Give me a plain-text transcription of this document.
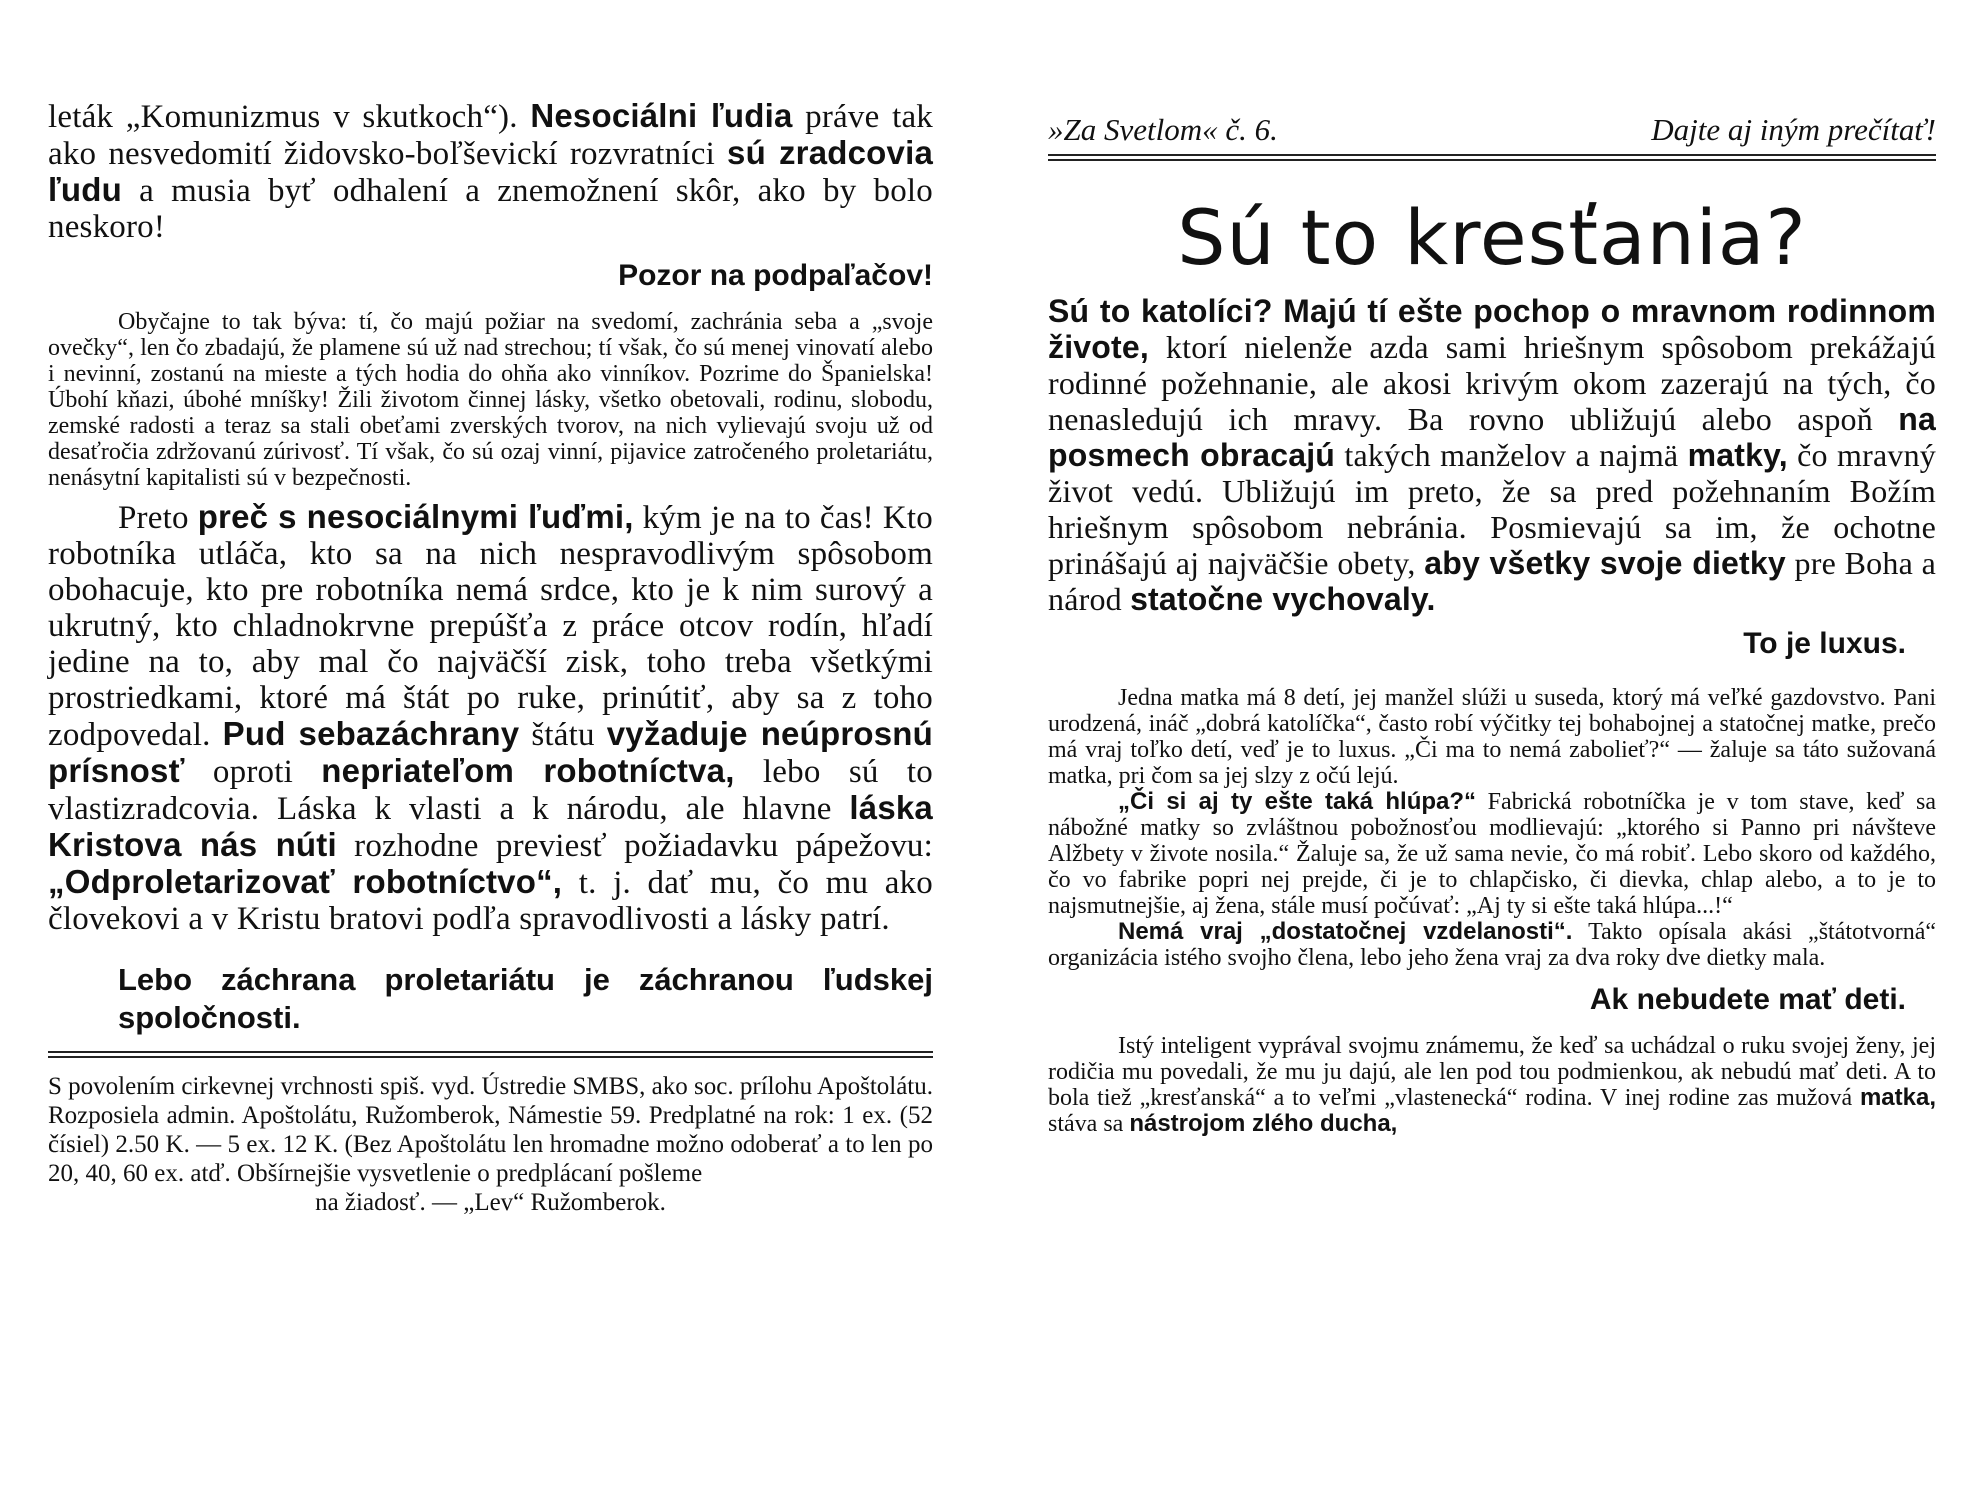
leták „Komunizmus v skutkoch“). Nesociálni ľudia práve tak ako nesvedomití židovsko-boľševickí rozvratníci sú zradcovia ľudu a musia byť odhalení a znemožnení skôr, ako by bolo neskoro!

Pozor na podpaľačov!

Obyčajne to tak býva: tí, čo majú požiar na svedomí, zachránia seba a „svoje ovečky“, len čo zbadajú, že plamene sú už nad strechou; tí však, čo sú menej vinovatí alebo i nevinní, zostanú na mieste a tých hodia do ohňa ako vinníkov. Pozrime do Španielska! Úbohí kňazi, úbohé mníšky! Žili životom činnej lásky, všetko obetovali, rodinu, slobodu, zemské radosti a teraz sa stali obeťami zverských tvorov, na nich vylievajú svoju už od desaťročia zdržovanú zúrivosť. Tí však, čo sú ozaj vinní, pijavice zatročeného proletariátu, nenásytní kapitalisti sú v bezpečnosti.

Preto preč s nesociálnymi ľuďmi, kým je na to čas! Kto robotníka utláča, kto sa na nich nespravodlivým spôsobom obohacuje, kto pre robotníka nemá srdce, kto je k nim surový a ukrutný, kto chladnokrvne prepúšťa z práce otcov rodín, hľadí jedine na to, aby mal čo najväčší zisk, toho treba všetkými prostriedkami, ktoré má štát po ruke, prinútiť, aby sa z toho zodpovedal. Pud sebazáchrany štátu vyžaduje neúprosnú prísnosť oproti nepriateľom robotníctva, lebo sú to vlastizradcovia. Láska k vlasti a k národu, ale hlavne láska Kristova nás núti rozhodne previesť požiadavku pápežovu: „Odproletarizovať robotníctvo“, t. j. dať mu, čo mu ako človekovi a v Kristu bratovi podľa spravodlivosti a lásky patrí.

Lebo záchrana proletariátu je záchranou ľudskej spoločnosti.

S povolením cirkevnej vrchnosti spiš. vyd. Ústredie SMBS, ako soc. prílohu Apoštolátu. Rozposiela admin. Apoštolátu, Ružomberok, Námestie 59. Predplatné na rok: 1 ex. (52 čísiel) 2.50 K. — 5 ex. 12 K. (Bez Apoštolátu len hromadne možno odoberať a to len po 20, 40, 60 ex. atď. Obšírnejšie vysvetlenie o predplácaní pošleme
na žiadosť. — „Lev“ Ružomberok.
»Za Svetlom« č. 6.	Dajte aj iným prečítať!
Sú to kresťania?

Sú to katolíci? Majú tí ešte pochop o mravnom rodinnom živote, ktorí nielenže azda sami hriešnym spôsobom prekážajú rodinné požehnanie, ale akosi krivým okom zazerajú na tých, čo nenasledujú ich mravy. Ba rovno ubližujú alebo aspoň na posmech obracajú takých manželov a najmä matky, čo mravný život vedú. Ubližujú im preto, že sa pred požehnaním Božím hriešnym spôsobom nebránia. Posmievajú sa im, že ochotne prinášajú aj najväčšie obety, aby všetky svoje dietky pre Boha a národ statočne vychovaly.

To je luxus.

Jedna matka má 8 detí, jej manžel slúži u suseda, ktorý má veľké gazdovstvo. Pani urodzená, ináč „dobrá katolíčka“, často robí výčitky tej bohabojnej a statočnej matke, prečo má vraj toľko detí, veď je to luxus. „Či ma to nemá zabolieť?“ — žaluje sa táto sužovaná matka, pri čom sa jej slzy z očú lejú.

„Či si aj ty ešte taká hlúpa?“ Fabrická robotníčka je v tom stave, keď sa nábožné matky so zvláštnou pobožnosťou modlievajú: „ktorého si Panno pri návšteve Alžbety v živote nosila.“ Žaluje sa, že už sama nevie, čo má robiť. Lebo skoro od každého, čo vo fabrike popri nej prejde, či je to chlapčisko, či dievka, chlap alebo, a to je to najsmutnejšie, aj žena, stále musí počúvať: „Aj ty si ešte taká hlúpa...!“

Nemá vraj „dostatočnej vzdelanosti“. Takto opísala akási „štátotvorná“ organizácia istého svojho člena, lebo jeho žena vraj za dva roky dve dietky mala.

Ak nebudete mať deti.

Istý inteligent vyprával svojmu známemu, že keď sa uchádzal o ruku svojej ženy, jej rodičia mu povedali, že mu ju dajú, ale len pod tou podmienkou, ak nebudú mať deti. A to bola tiež „kresťanská“ a to veľmi „vlastenecká“ rodina. V inej rodine zas mužová matka, stáva sa nástrojom zlého ducha,
